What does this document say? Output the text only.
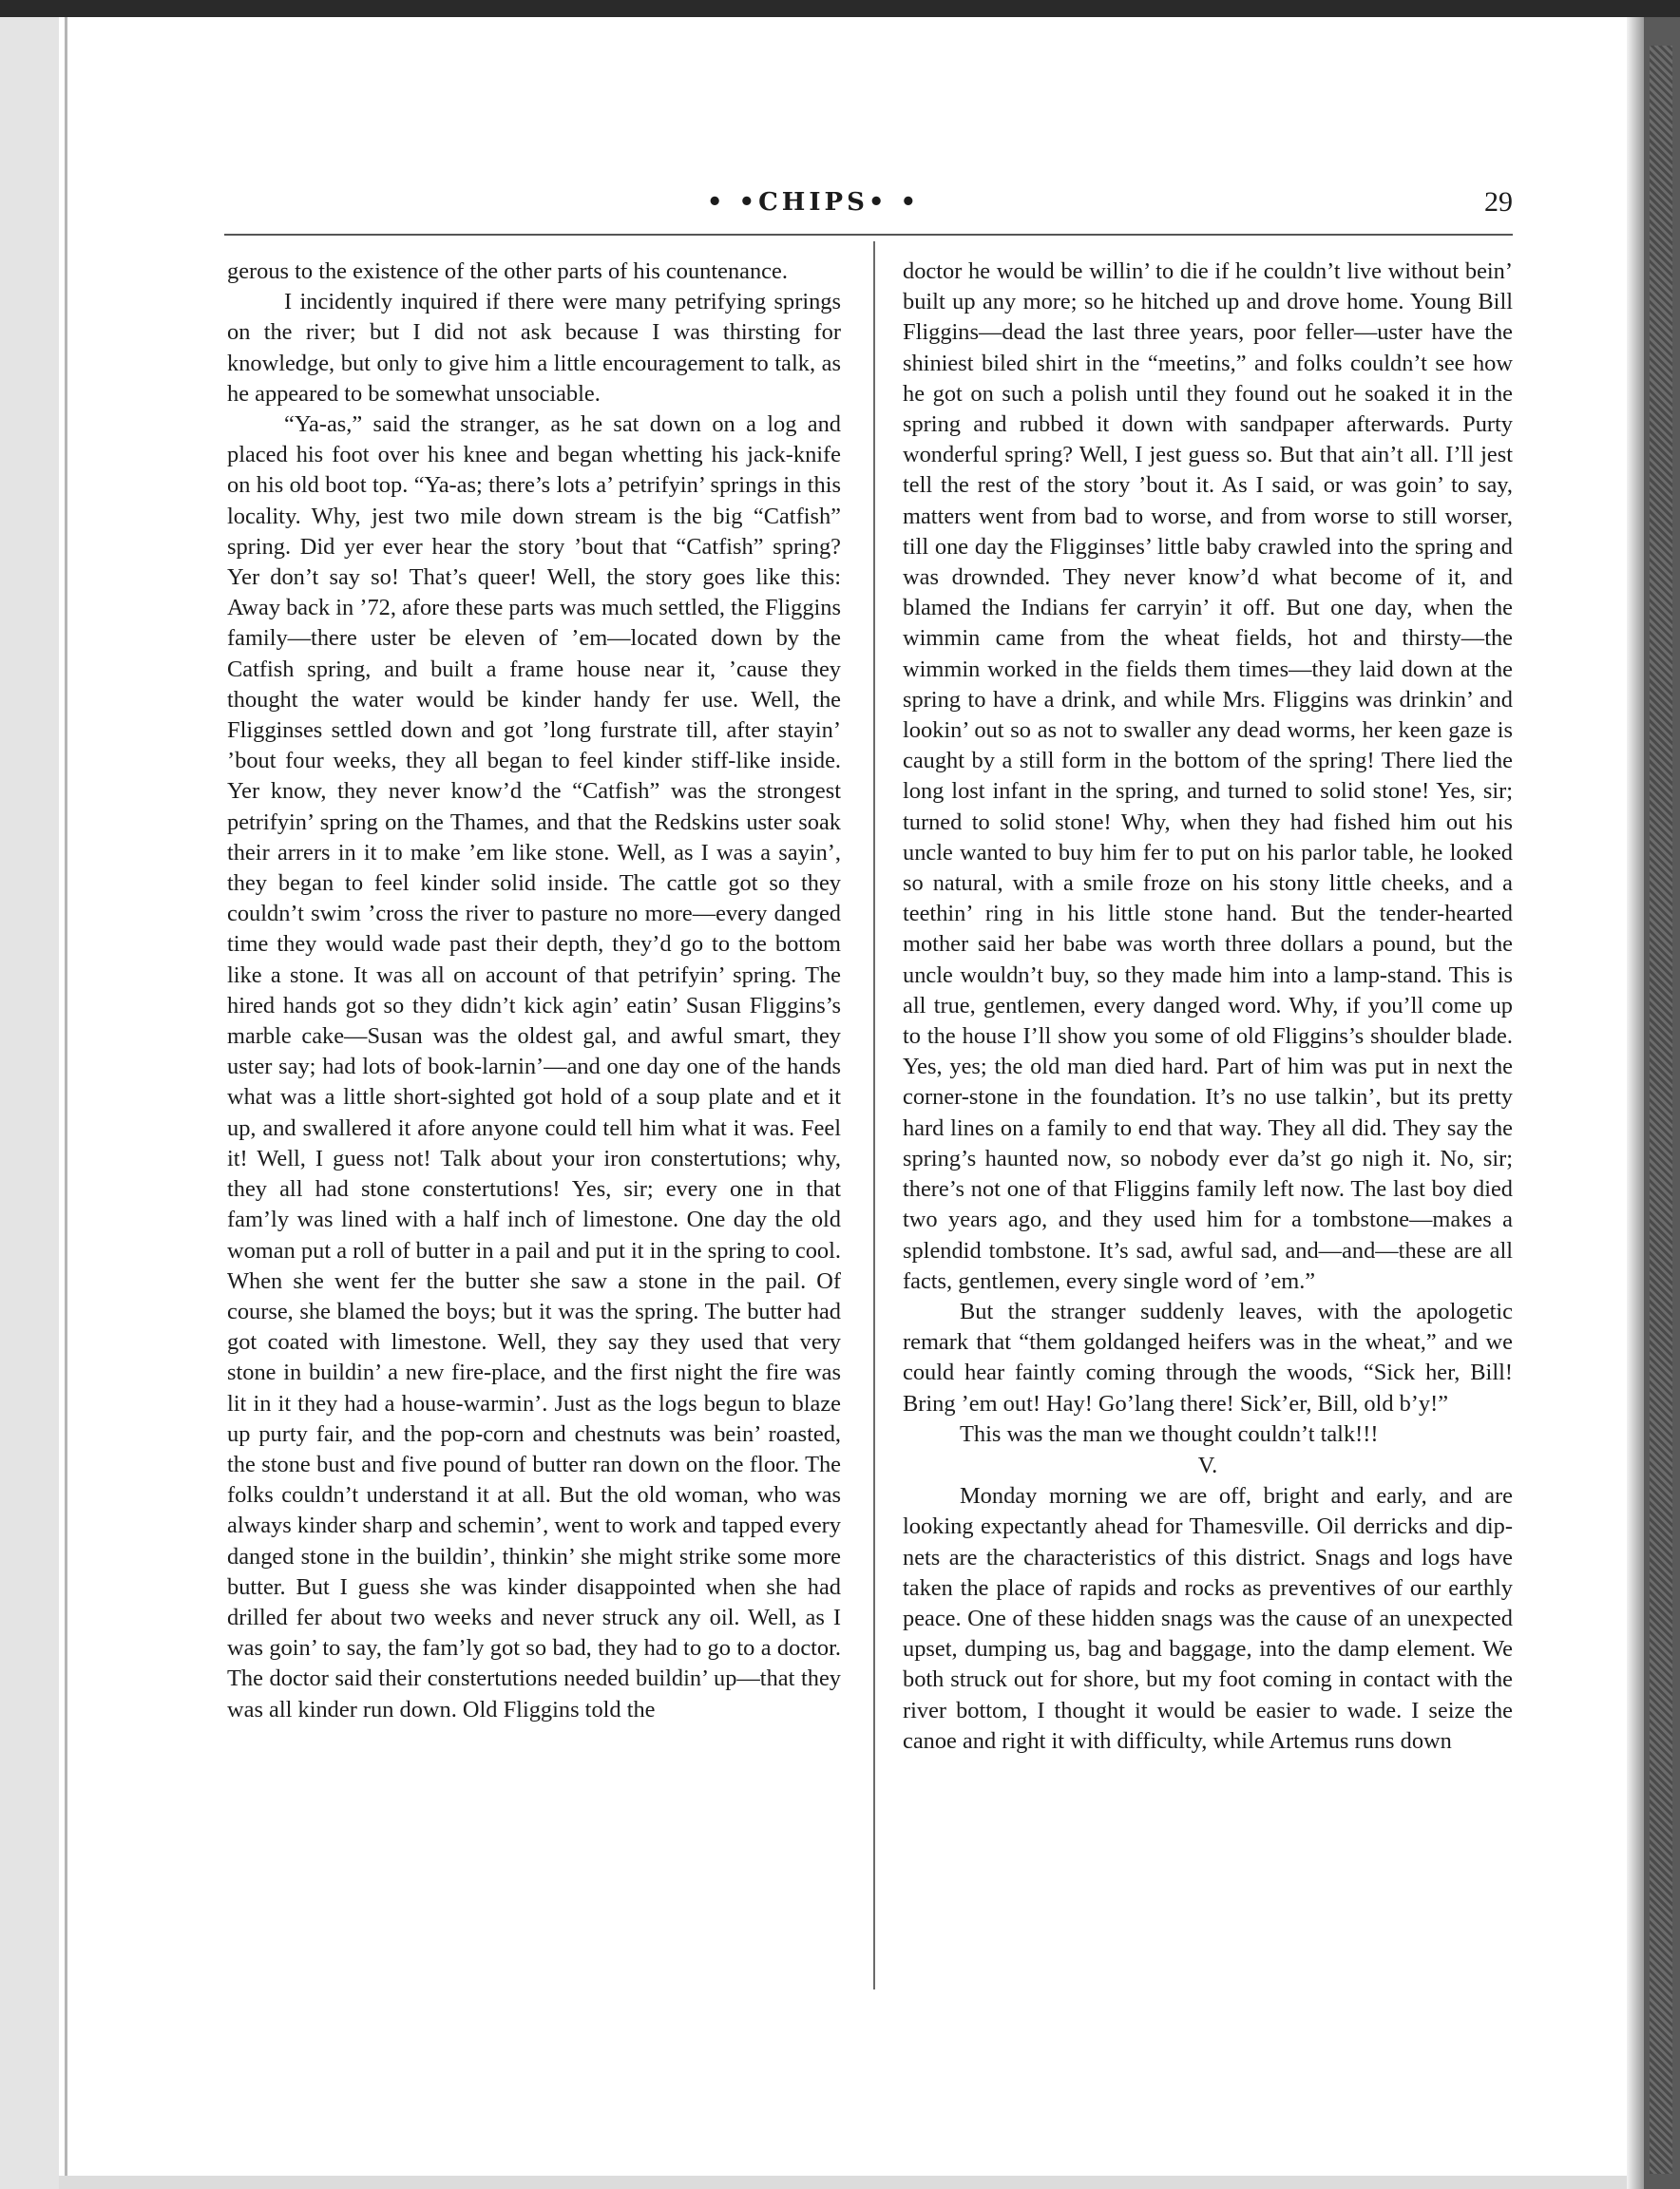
• •CHIPS• •	29

gerous to the existence of the other parts of his countenance.

I incidently inquired if there were many petrifying springs on the river; but I did not ask because I was thirsting for knowledge, but only to give him a little encouragement to talk, as he appeared to be somewhat unsociable.

“Ya-as,” said the stranger, as he sat down on a log and placed his foot over his knee and began whetting his jack-knife on his old boot top. “Ya-as; there’s lots a’ petrifyin’ springs in this locality. Why, jest two mile down stream is the big “Catfish” spring. Did yer ever hear the story ’bout that “Catfish” spring? Yer don’t say so! That’s queer! Well, the story goes like this: Away back in ’72, afore these parts was much settled, the Fliggins family—there uster be eleven of ’em—located down by the Catfish spring, and built a frame house near it, ’cause they thought the water would be kinder handy fer use. Well, the Fligginses settled down and got ’long furstrate till, after stayin’ ’bout four weeks, they all began to feel kinder stiff-like inside. Yer know, they never know’d the “Catfish” was the strongest petrifyin’ spring on the Thames, and that the Redskins uster soak their arrers in it to make ’em like stone. Well, as I was a sayin’, they began to feel kinder solid inside. The cattle got so they couldn’t swim ’cross the river to pasture no more—every danged time they would wade past their depth, they’d go to the bottom like a stone. It was all on account of that petrifyin’ spring. The hired hands got so they didn’t kick agin’ eatin’ Susan Fliggins’s marble cake—Susan was the oldest gal, and awful smart, they uster say; had lots of book-larnin’—and one day one of the hands what was a little short-sighted got hold of a soup plate and et it up, and swallered it afore anyone could tell him what it was. Feel it! Well, I guess not! Talk about your iron constertutions; why, they all had stone constertutions! Yes, sir; every one in that fam’ly was lined with a half inch of limestone. One day the old woman put a roll of butter in a pail and put it in the spring to cool. When she went fer the butter she saw a stone in the pail. Of course, she blamed the boys; but it was the spring. The butter had got coated with limestone. Well, they say they used that very stone in buildin’ a new fire-place, and the first night the fire was lit in it they had a house-warmin’. Just as the logs begun to blaze up purty fair, and the pop-corn and chestnuts was bein’ roasted, the stone bust and five pound of butter ran down on the floor. The folks couldn’t understand it at all. But the old woman, who was always kinder sharp and schemin’, went to work and tapped every danged stone in the buildin’, thinkin’ she might strike some more butter. But I guess she was kinder disappointed when she had drilled fer about two weeks and never struck any oil. Well, as I was goin’ to say, the fam’ly got so bad, they had to go to a doctor. The doctor said their constertutions needed buildin’ up—that they was all kinder run down. Old Fliggins told the

doctor he would be willin’ to die if he couldn’t live without bein’ built up any more; so he hitched up and drove home. Young Bill Fliggins—dead the last three years, poor feller—uster have the shiniest biled shirt in the “meetins,” and folks couldn’t see how he got on such a polish until they found out he soaked it in the spring and rubbed it down with sandpaper afterwards. Purty wonderful spring? Well, I jest guess so. But that ain’t all. I’ll jest tell the rest of the story ’bout it. As I said, or was goin’ to say, matters went from bad to worse, and from worse to still worser, till one day the Fligginses’ little baby crawled into the spring and was drownded. They never know’d what become of it, and blamed the Indians fer carryin’ it off. But one day, when the wimmin came from the wheat fields, hot and thirsty—the wimmin worked in the fields them times—they laid down at the spring to have a drink, and while Mrs. Fliggins was drinkin’ and lookin’ out so as not to swaller any dead worms, her keen gaze is caught by a still form in the bottom of the spring! There lied the long lost infant in the spring, and turned to solid stone! Yes, sir; turned to solid stone! Why, when they had fished him out his uncle wanted to buy him fer to put on his parlor table, he looked so natural, with a smile froze on his stony little cheeks, and a teethin’ ring in his little stone hand. But the tender-hearted mother said her babe was worth three dollars a pound, but the uncle wouldn’t buy, so they made him into a lamp-stand. This is all true, gentlemen, every danged word. Why, if you’ll come up to the house I’ll show you some of old Fliggins’s shoulder blade. Yes, yes; the old man died hard. Part of him was put in next the corner-stone in the foundation. It’s no use talkin’, but its pretty hard lines on a family to end that way. They all did. They say the spring’s haunted now, so nobody ever da’st go nigh it. No, sir; there’s not one of that Fliggins family left now. The last boy died two years ago, and they used him for a tombstone—makes a splendid tombstone. It’s sad, awful sad, and—and—these are all facts, gentlemen, every single word of ’em.”

But the stranger suddenly leaves, with the apologetic remark that “them goldanged heifers was in the wheat,” and we could hear faintly coming through the woods, “Sick her, Bill! Bring ’em out! Hay! Go’lang there! Sick’er, Bill, old b’y!”

This was the man we thought couldn’t talk!!!

V.

Monday morning we are off, bright and early, and are looking expectantly ahead for Thamesville. Oil derricks and dip-nets are the characteristics of this district. Snags and logs have taken the place of rapids and rocks as preventives of our earthly peace. One of these hidden snags was the cause of an unexpected upset, dumping us, bag and baggage, into the damp element. We both struck out for shore, but my foot coming in contact with the river bottom, I thought it would be easier to wade. I seize the canoe and right it with difficulty, while Artemus runs down
